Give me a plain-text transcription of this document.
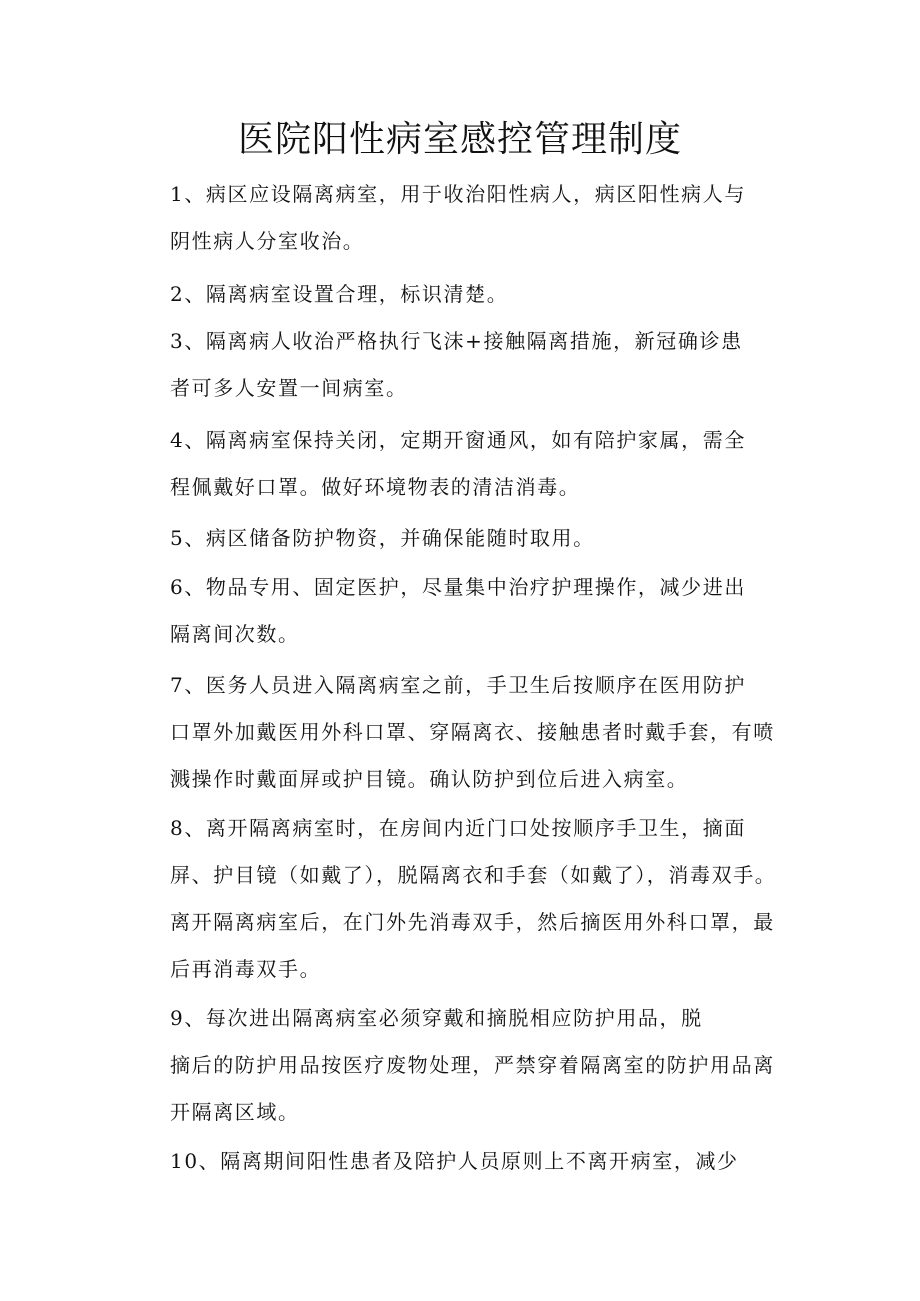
医院阳性病室感控管理制度
1、病区应设隔离病室，用于收治阳性病人，病区阳性病人与
阴性病人分室收治。
2、隔离病室设置合理，标识清楚。
3、隔离病人收治严格执行飞沫+接触隔离措施，新冠确诊患
者可多人安置一间病室。
4、隔离病室保持关闭，定期开窗通风，如有陪护家属，需全
程佩戴好口罩。做好环境物表的清洁消毒。
5、病区储备防护物资，并确保能随时取用。
6、物品专用、固定医护，尽量集中治疗护理操作，减少进出
隔离间次数。
7、医务人员进入隔离病室之前，手卫生后按顺序在医用防护
口罩外加戴医用外科口罩、穿隔离衣、接触患者时戴手套，有喷
溅操作时戴面屏或护目镜。确认防护到位后进入病室。
8、离开隔离病室时，在房间内近门口处按顺序手卫生，摘面
屏、护目镜（如戴了），脱隔离衣和手套（如戴了），消毒双手。
离开隔离病室后，在门外先消毒双手，然后摘医用外科口罩，最
后再消毒双手。
9、每次进出隔离病室必须穿戴和摘脱相应防护用品，脱
摘后的防护用品按医疗废物处理，严禁穿着隔离室的防护用品离
开隔离区域。
10、隔离期间阳性患者及陪护人员原则上不离开病室，减少
